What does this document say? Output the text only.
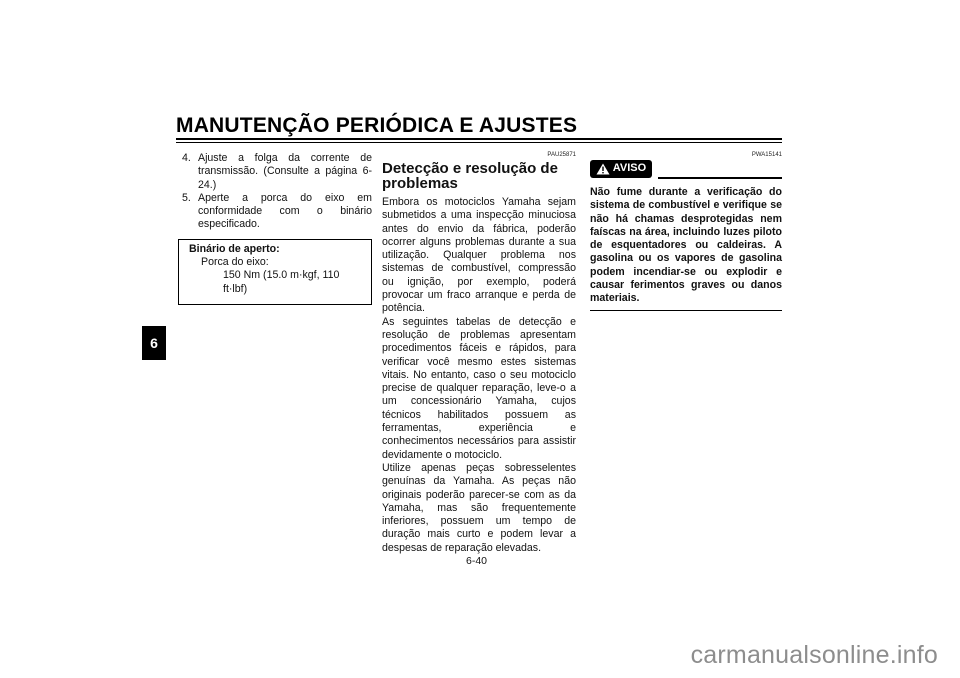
MANUTENÇÃO PERIÓDICA E AJUSTES
6
4. Ajuste a folga da corrente de transmissão. (Consulte a página 6-24.)
5. Aperte a porca do eixo em conformidade com o binário especificado.
Binário de aperto:
Porca do eixo:
150 Nm (15.0 m·kgf, 110 ft·lbf)
PAU25871
Detecção e resolução de problemas

Embora os motociclos Yamaha sejam submetidos a uma inspecção minuciosa antes do envio da fábrica, poderão ocorrer alguns problemas durante a sua utilização. Qualquer problema nos sistemas de combustível, compressão ou ignição, por exemplo, poderá provocar um fraco arranque e perda de potência.

As seguintes tabelas de detecção e resolução de problemas apresentam procedimentos fáceis e rápidos, para verificar você mesmo estes sistemas vitais. No entanto, caso o seu motociclo precise de qualquer reparação, leve-o a um concessionário Yamaha, cujos técnicos habilitados possuem as ferramentas, experiência e conhecimentos necessários para assistir devidamente o motociclo.

Utilize apenas peças sobresselentes genuínas da Yamaha. As peças não originais poderão parecer-se com as da Yamaha, mas são frequentemente inferiores, possuem um tempo de duração mais curto e podem levar a despesas de reparação elevadas.

PWA15141
AVISO
Não fume durante a verificação do sistema de combustível e verifique se não há chamas desprotegidas nem faíscas na área, incluindo luzes piloto de esquentadores ou caldeiras. A gasolina ou os vapores de gasolina podem incendiar-se ou explodir e causar ferimentos graves ou danos materiais.
6-40
carmanualsonline.info
